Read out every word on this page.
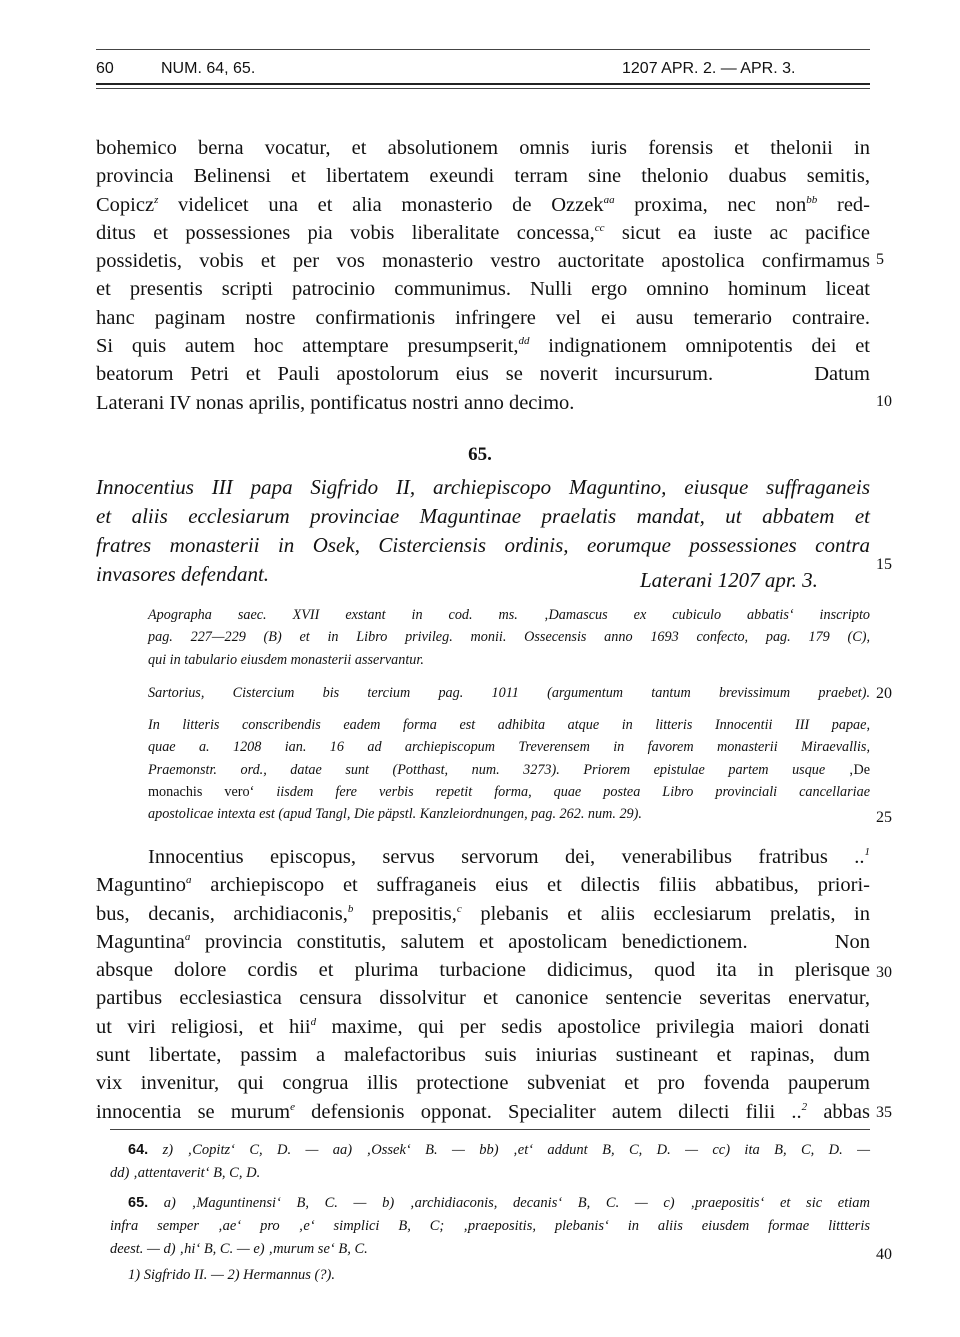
60	NUM. 64, 65.	1207 APR. 2. — APR. 3.
bohemico berna vocatur, et absolutionem omnis iuris forensis et thelonii in
provincia Belinensi et libertatem exeundi terram sine thelonio duabus semitis,
Copicz$^z$ videlicet una et alia monasterio de Ozzek$^{aa}$ proxima, nec non$^{bb}$ red-
ditus et possessiones pia vobis liberalitate concessa,$^{cc}$ sicut ea iuste ac pacifice
possidetis, vobis et per vos monasterio vestro auctoritate apostolica confirmamus
et presentis scripti patrocinio communimus. Nulli ergo omnino hominum liceat
hanc paginam nostre confirmationis infringere vel ei ausu temerario contraire.
Si quis autem hoc attemptare presumpserit,$^{dd}$ indignationem omnipotentis dei et
beatorum Petri et Pauli apostolorum eius se noverit incursurum.      Datum
Laterani IV nonas aprilis, pontificatus nostri anno decimo.
5
10
15
20
25
30
35
40
65.
Innocentius III papa Sigfrido II, archiepiscopo Maguntino, eiusque suffraganeis
et aliis ecclesiarum provinciae Maguntinae praelatis mandat, ut abbatem et
fratres monasterii in Osek, Cisterciensis ordinis, eorumque possessiones contra
invasores defendant.	Laterani 1207 apr. 3.
Apographa saec. XVII exstant in cod. ms. ‚Damascus ex cubiculo abbatis‘ inscripto
pag. 227—229 (B) et in Libro privileg. monii. Ossecensis anno 1693 confecto, pag. 179 (C),
qui in tabulario eiusdem monasterii asservantur.
Sartorius, Cistercium bis tercium pag. 1011 (argumentum tantum brevissimum praebet).
In litteris conscribendis eadem forma est adhibita atque in litteris Innocentii III papae,
quae a. 1208 ian. 16 ad archiepiscopum Treverensem in favorem monasterii Miraevallis,
Praemonstr. ord., datae sunt (Potthast, num. 3273). Priorem epistulae partem usque ‚De
monachis vero‘ iisdem fere verbis repetit forma, quae postea Libro provinciali cancellariae
apostolicae intexta est (apud Tangl, Die päpstl. Kanzleiordnungen, pag. 262. num. 29).
Innocentius episcopus, servus servorum dei, venerabilibus fratribus ..$^1$
Maguntino$^a$ archiepiscopo et suffraganeis eius et dilectis filiis abbatibus, priori-
bus, decanis, archidiaconis,$^b$ prepositis,$^c$ plebanis et aliis ecclesiarum prelatis, in
Maguntina$^a$ provincia constitutis, salutem et apostolicam benedictionem.      Non
absque dolore cordis et plurima turbacione didicimus, quod ita in plerisque
partibus ecclesiastica censura dissolvitur et canonice sentencie severitas enervatur,
ut viri religiosi, et hii$^d$ maxime, qui per sedis apostolice privilegia maiori donati
sunt libertate, passim a malefactoribus suis iniurias sustineant et rapinas, dum
vix invenitur, qui congrua illis protectione subveniat et pro fovenda pauperum
innocentia se murum$^e$ defensionis opponat. Specialiter autem dilecti filii ..$^2$ abbas
64. z) ‚Copitz‘ C, D. — aa) ‚Ossek‘ B. — bb) ‚et‘ addunt B, C, D. — cc) ita B, C, D. —
dd) ‚attentaverit‘ B, C, D.
65. a) ‚Maguntinensi‘ B, C. — b) ‚archidiaconis, decanis‘ B, C. — c) ‚praepositis‘ et sic etiam
infra semper ‚ae‘ pro ‚e‘ simplici B, C; ‚praepositis, plebanis‘ in aliis eiusdem formae littteris
deest. — d) ‚hi‘ B, C. — e) ‚murum se‘ B, C.
1) Sigfrido II. — 2) Hermannus (?).
